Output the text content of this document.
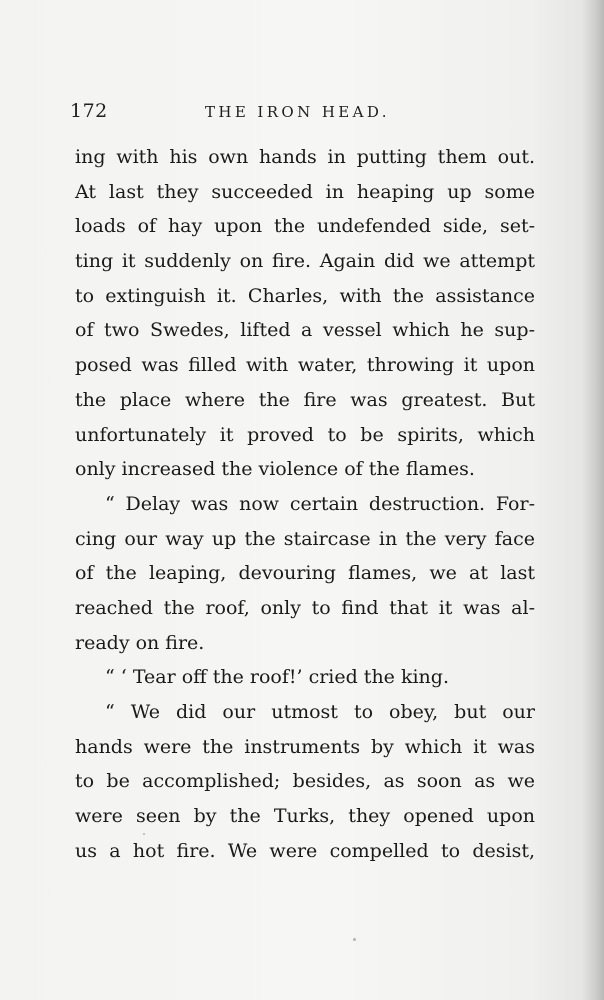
172	THE IRON HEAD.
ing with his own hands in putting them out.
At last they succeeded in heaping up some
loads of hay upon the undefended side, set-
ting it suddenly on fire. Again did we attempt
to extinguish it. Charles, with the assistance
of two Swedes, lifted a vessel which he sup-
posed was filled with water, throwing it upon
the place where the fire was greatest. But
unfortunately it proved to be spirits, which
only increased the violence of the flames.
“ Delay was now certain destruction. For-
cing our way up the staircase in the very face
of the leaping, devouring flames, we at last
reached the roof, only to find that it was al-
ready on fire.
“ ‘ Tear off the roof!’ cried the king.
“ We did our utmost to obey, but our
hands were the instruments by which it was
to be accomplished; besides, as soon as we
were seen by the Turks, they opened upon
us a hot fire. We were compelled to desist,
